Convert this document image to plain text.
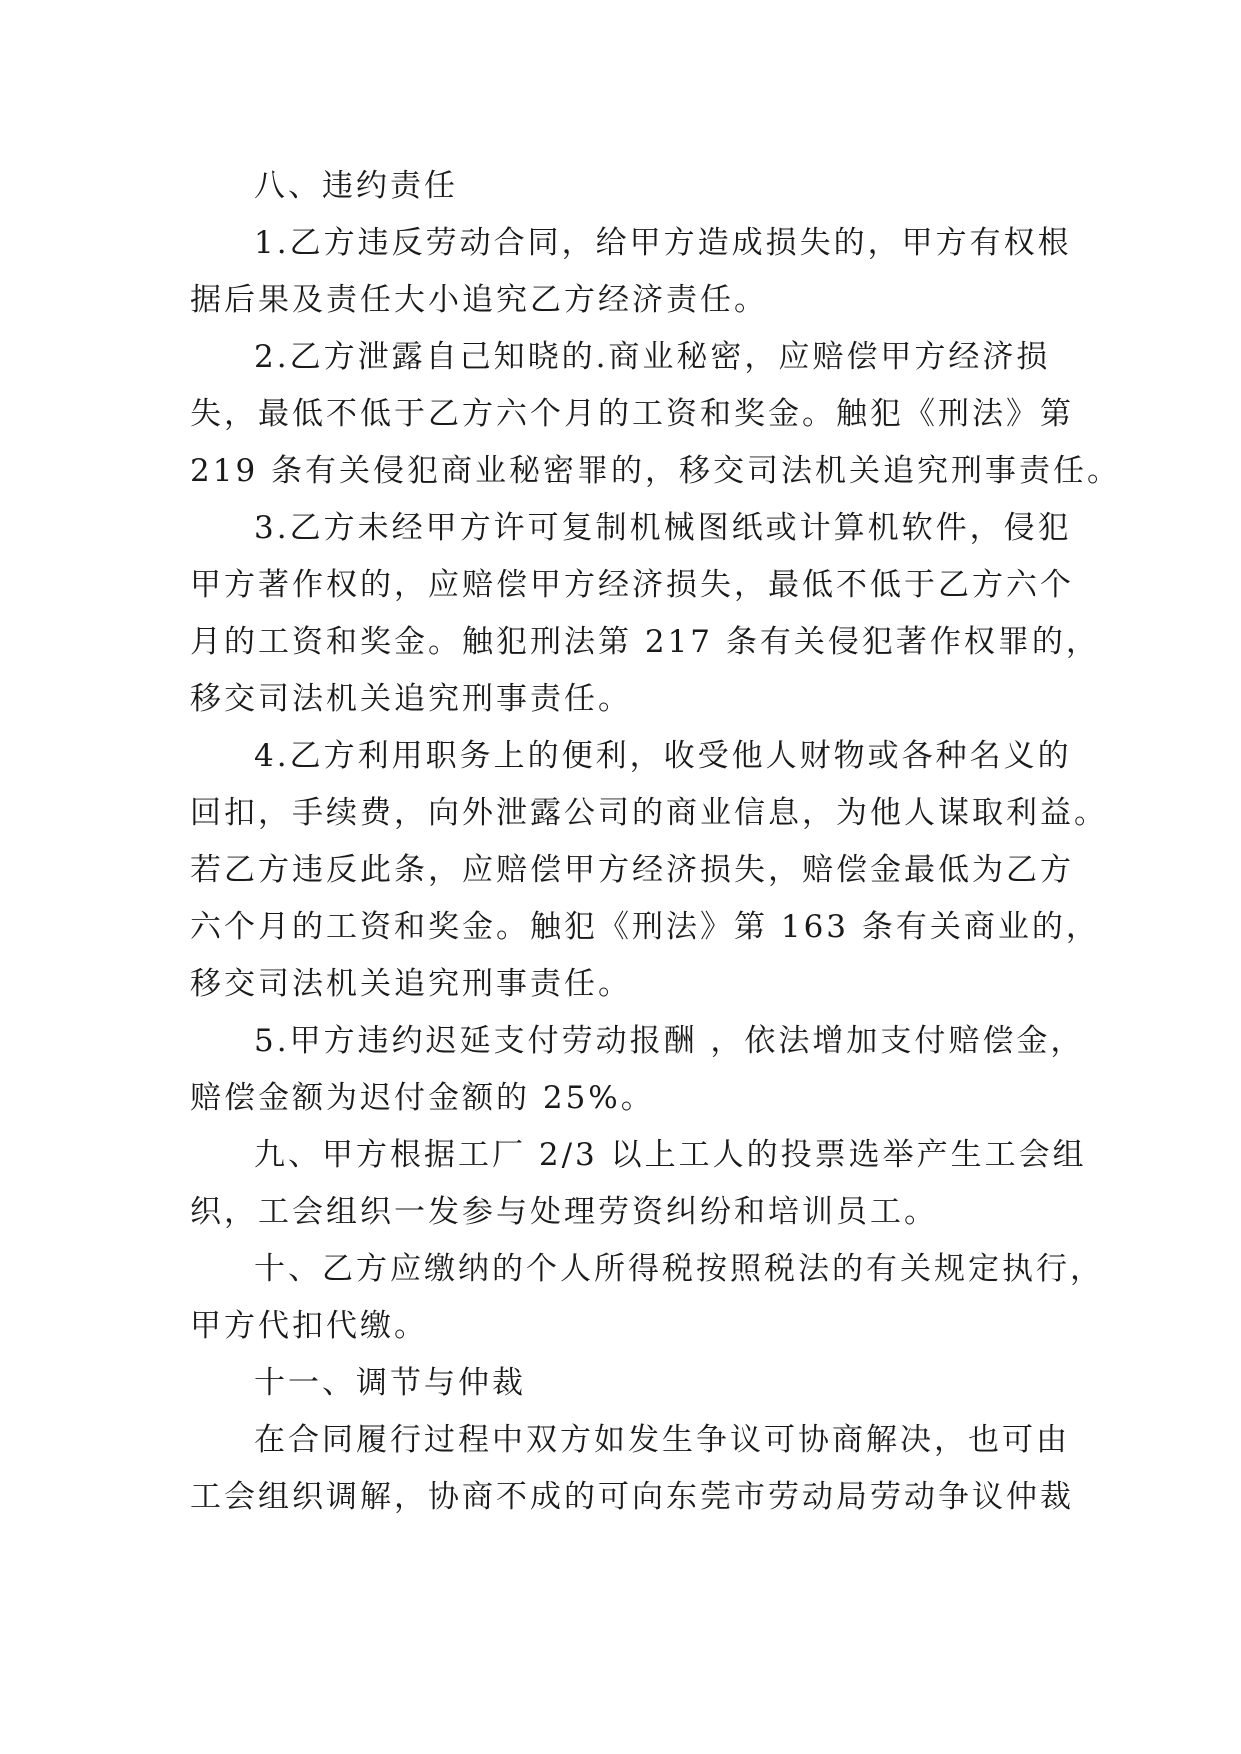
八、违约责任
1.乙方违反劳动合同，给甲方造成损失的，甲方有权根
据后果及责任大小追究乙方经济责任。
2.乙方泄露自己知晓的.商业秘密，应赔偿甲方经济损
失，最低不低于乙方六个月的工资和奖金。触犯《刑法》第
219 条有关侵犯商业秘密罪的，移交司法机关追究刑事责任。
3.乙方未经甲方许可复制机械图纸或计算机软件，侵犯
甲方著作权的，应赔偿甲方经济损失，最低不低于乙方六个
月的工资和奖金。触犯刑法第 217 条有关侵犯著作权罪的，
移交司法机关追究刑事责任。
4.乙方利用职务上的便利，收受他人财物或各种名义的
回扣，手续费，向外泄露公司的商业信息，为他人谋取利益。
若乙方违反此条，应赔偿甲方经济损失，赔偿金最低为乙方
六个月的工资和奖金。触犯《刑法》第 163 条有关商业的，
移交司法机关追究刑事责任。
5.甲方违约迟延支付劳动报酬 ，依法增加支付赔偿金，
赔偿金额为迟付金额的 25%。
九、甲方根据工厂 2/3 以上工人的投票选举产生工会组
织，工会组织一发参与处理劳资纠纷和培训员工。
十、乙方应缴纳的个人所得税按照税法的有关规定执行，
甲方代扣代缴。
十一、调节与仲裁
在合同履行过程中双方如发生争议可协商解决，也可由
工会组织调解，协商不成的可向东莞市劳动局劳动争议仲裁
